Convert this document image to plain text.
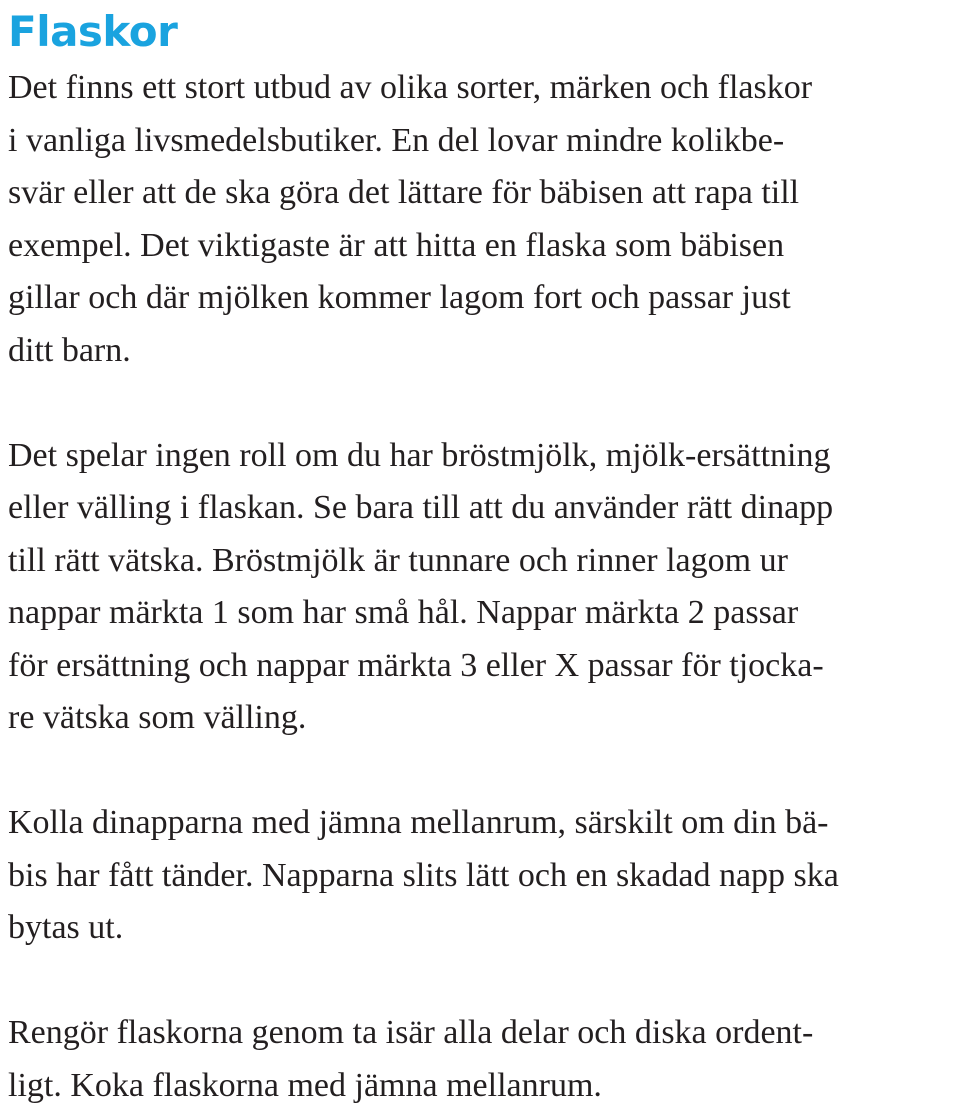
Flaskor

Det finns ett stort utbud av olika sorter, märken och flaskor
i vanliga livsmedelsbutiker. En del lovar mindre kolikbe-
svär eller att de ska göra det lättare för bäbisen att rapa till
exempel. Det viktigaste är att hitta en flaska som bäbisen
gillar och där mjölken kommer lagom fort och passar just
ditt barn.

Det spelar ingen roll om du har bröstmjölk, mjölk-ersättning
eller välling i flaskan. Se bara till att du använder rätt dinapp
till rätt vätska. Bröstmjölk är tunnare och rinner lagom ur
nappar märkta 1 som har små hål. Nappar märkta 2 passar
för ersättning och nappar märkta 3 eller X passar för tjocka-
re vätska som välling.

Kolla dinapparna med jämna mellanrum, särskilt om din bä-
bis har fått tänder. Napparna slits lätt och en skadad napp ska
bytas ut.

Rengör flaskorna genom ta isär alla delar och diska ordent-
ligt. Koka flaskorna med jämna mellanrum.
